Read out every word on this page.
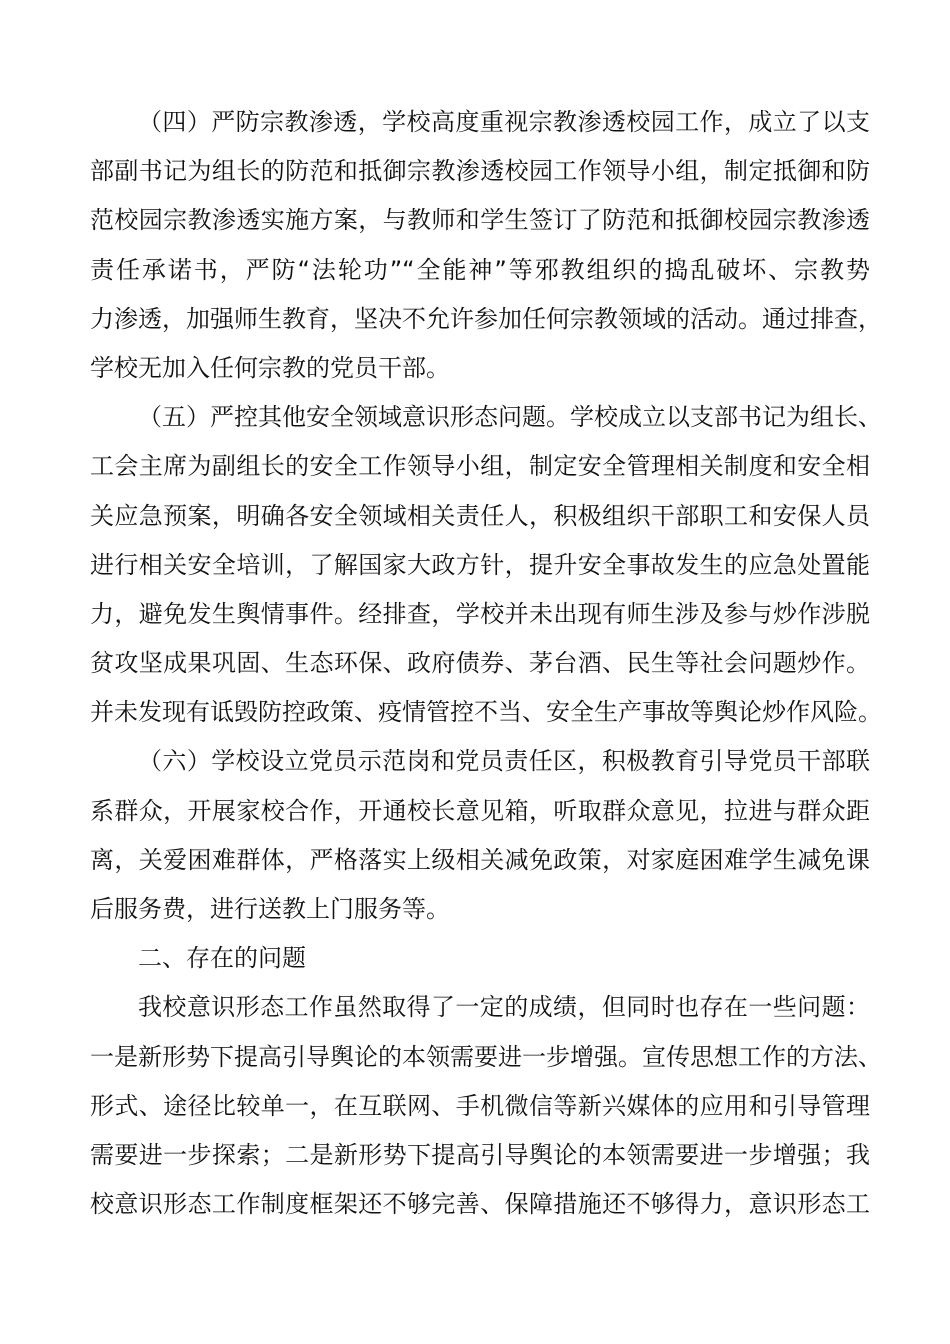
（四）严防宗教渗透，学校高度重视宗教渗透校园工作，成立了以支
部副书记为组长的防范和抵御宗教渗透校园工作领导小组，制定抵御和防
范校园宗教渗透实施方案，与教师和学生签订了防范和抵御校园宗教渗透
责任承诺书，严防“法轮功”“全能神”等邪教组织的捣乱破坏、宗教势
力渗透，加强师生教育，坚决不允许参加任何宗教领域的活动。通过排查，
学校无加入任何宗教的党员干部。
（五）严控其他安全领域意识形态问题。学校成立以支部书记为组长、
工会主席为副组长的安全工作领导小组，制定安全管理相关制度和安全相
关应急预案，明确各安全领域相关责任人，积极组织干部职工和安保人员
进行相关安全培训，了解国家大政方针，提升安全事故发生的应急处置能
力，避免发生舆情事件。经排查，学校并未出现有师生涉及参与炒作涉脱
贫攻坚成果巩固、生态环保、政府债券、茅台酒、民生等社会问题炒作。
并未发现有诋毁防控政策、疫情管控不当、安全生产事故等舆论炒作风险。
（六）学校设立党员示范岗和党员责任区，积极教育引导党员干部联
系群众，开展家校合作，开通校长意见箱，听取群众意见，拉进与群众距
离，关爱困难群体，严格落实上级相关减免政策，对家庭困难学生减免课
后服务费，进行送教上门服务等。
二、存在的问题
我校意识形态工作虽然取得了一定的成绩，但同时也存在一些问题：
一是新形势下提高引导舆论的本领需要进一步增强。宣传思想工作的方法、
形式、途径比较单一，在互联网、手机微信等新兴媒体的应用和引导管理
需要进一步探索；二是新形势下提高引导舆论的本领需要进一步增强；我
校意识形态工作制度框架还不够完善、保障措施还不够得力，意识形态工
